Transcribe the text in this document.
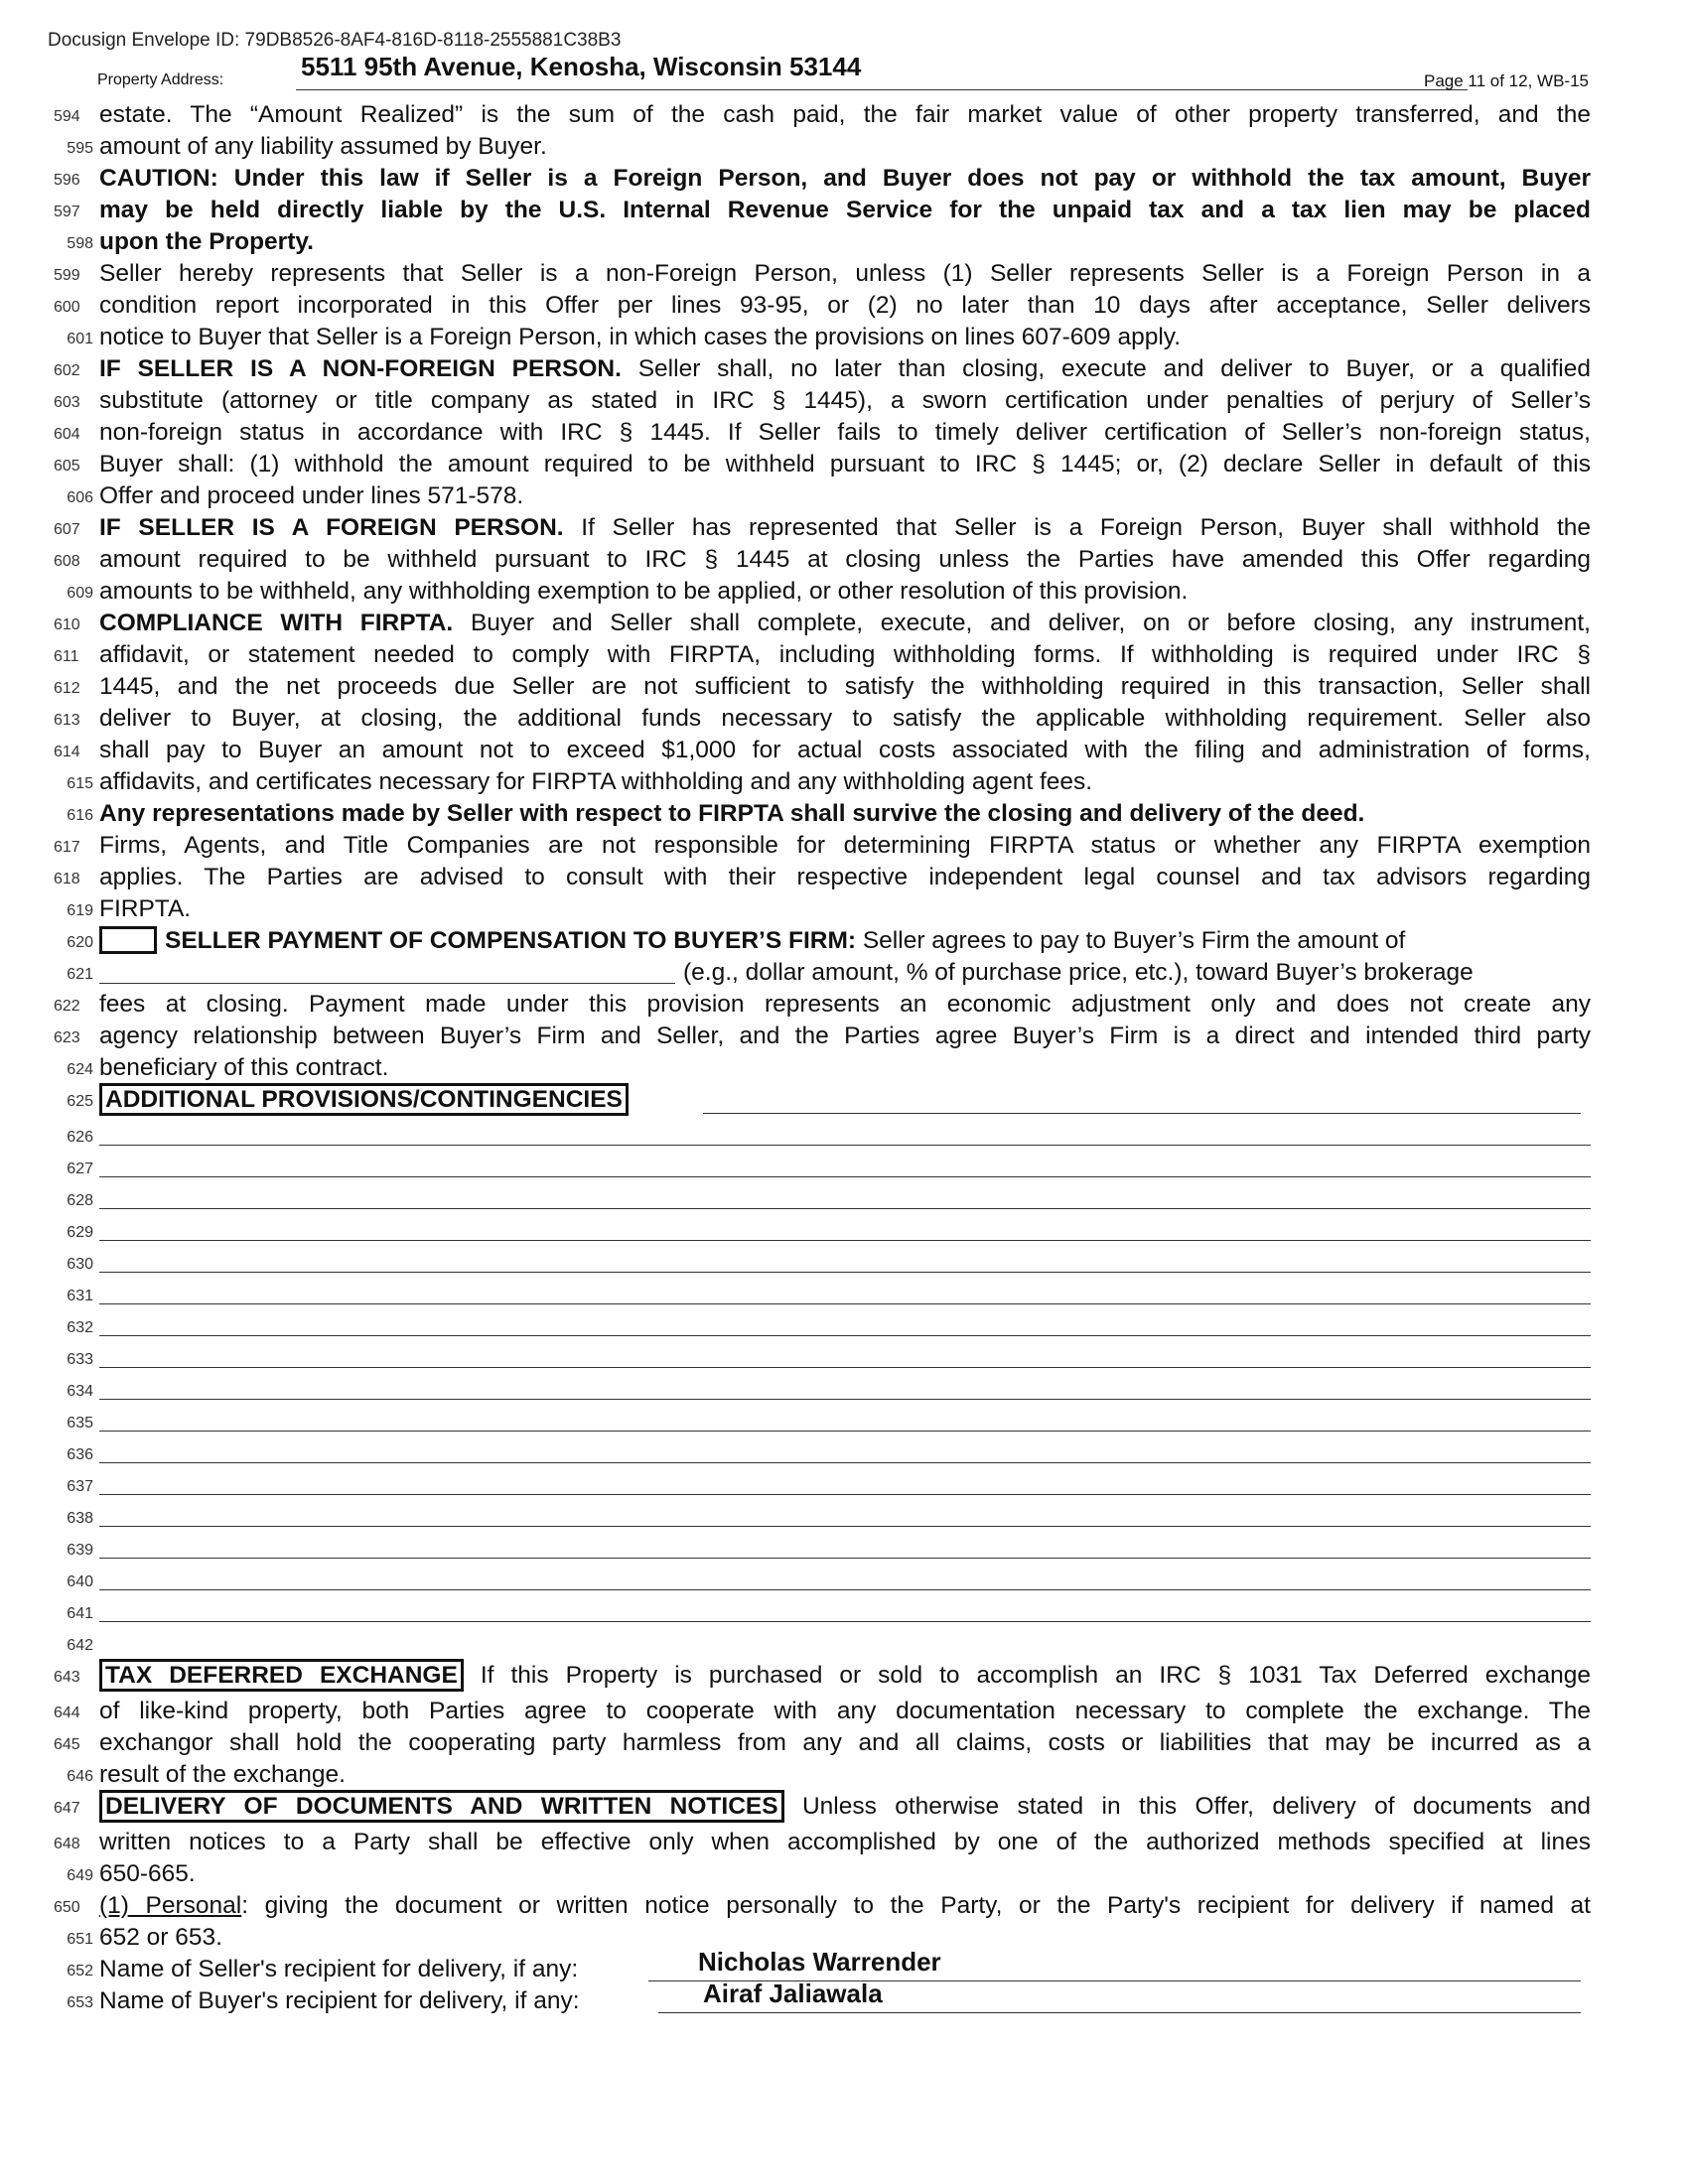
Docusign Envelope ID: 79DB8526-8AF4-816D-8118-2555881C38B3
Property Address:	5511 95th Avenue, Kenosha, Wisconsin 53144	Page 11 of 12, WB-15
594 estate. The “Amount Realized” is the sum of the cash paid, the fair market value of other property transferred, and the
595 amount of any liability assumed by Buyer.
596 CAUTION: Under this law if Seller is a Foreign Person, and Buyer does not pay or withhold the tax amount, Buyer
597 may be held directly liable by the U.S. Internal Revenue Service for the unpaid tax and a tax lien may be placed
598 upon the Property.
599 Seller hereby represents that Seller is a non-Foreign Person, unless (1) Seller represents Seller is a Foreign Person in a
600 condition report incorporated in this Offer per lines 93-95, or (2) no later than 10 days after acceptance, Seller delivers
601 notice to Buyer that Seller is a Foreign Person, in which cases the provisions on lines 607-609 apply.
602 IF SELLER IS A NON-FOREIGN PERSON. Seller shall, no later than closing, execute and deliver to Buyer, or a qualified
603 substitute (attorney or title company as stated in IRC § 1445), a sworn certification under penalties of perjury of Seller’s
604 non-foreign status in accordance with IRC § 1445. If Seller fails to timely deliver certification of Seller’s non-foreign status,
605 Buyer shall: (1) withhold the amount required to be withheld pursuant to IRC § 1445; or, (2) declare Seller in default of this
606 Offer and proceed under lines 571-578.
607 IF SELLER IS A FOREIGN PERSON. If Seller has represented that Seller is a Foreign Person, Buyer shall withhold the
608 amount required to be withheld pursuant to IRC § 1445 at closing unless the Parties have amended this Offer regarding
609 amounts to be withheld, any withholding exemption to be applied, or other resolution of this provision.
610 COMPLIANCE WITH FIRPTA. Buyer and Seller shall complete, execute, and deliver, on or before closing, any instrument,
611 affidavit, or statement needed to comply with FIRPTA, including withholding forms. If withholding is required under IRC §
612 1445, and the net proceeds due Seller are not sufficient to satisfy the withholding required in this transaction, Seller shall
613 deliver to Buyer, at closing, the additional funds necessary to satisfy the applicable withholding requirement. Seller also
614 shall pay to Buyer an amount not to exceed $1,000 for actual costs associated with the filing and administration of forms,
615 affidavits, and certificates necessary for FIRPTA withholding and any withholding agent fees.
616 Any representations made by Seller with respect to FIRPTA shall survive the closing and delivery of the deed.
617 Firms, Agents, and Title Companies are not responsible for determining FIRPTA status or whether any FIRPTA exemption
618 applies. The Parties are advised to consult with their respective independent legal counsel and tax advisors regarding
619 FIRPTA.
620	SELLER PAYMENT OF COMPENSATION TO BUYER’S FIRM: Seller agrees to pay to Buyer’s Firm the amount of
621	(e.g., dollar amount, % of purchase price, etc.), toward Buyer’s brokerage
622 fees at closing. Payment made under this provision represents an economic adjustment only and does not create any
623 agency relationship between Buyer’s Firm and Seller, and the Parties agree Buyer’s Firm is a direct and intended third party
624 beneficiary of this contract.
625 ADDITIONAL PROVISIONS/CONTINGENCIES
626
627
628
629
630
631
632
633
634
635
636
637
638
639
640
641
642
643	TAX DEFERRED EXCHANGE If this Property is purchased or sold to accomplish an IRC § 1031 Tax Deferred exchange
644 of like-kind property, both Parties agree to cooperate with any documentation necessary to complete the exchange. The
645 exchangor shall hold the cooperating party harmless from any and all claims, costs or liabilities that may be incurred as a
646 result of the exchange.
647	DELIVERY OF DOCUMENTS AND WRITTEN NOTICES Unless otherwise stated in this Offer, delivery of documents and
648 written notices to a Party shall be effective only when accomplished by one of the authorized methods specified at lines
649 650-665.
650 (1) Personal: giving the document or written notice personally to the Party, or the Party's recipient for delivery if named at
651 652 or 653.
652 Name of Seller's recipient for delivery, if any:	Nicholas Warrender
653 Name of Buyer's recipient for delivery, if any:	Airaf Jaliawala
